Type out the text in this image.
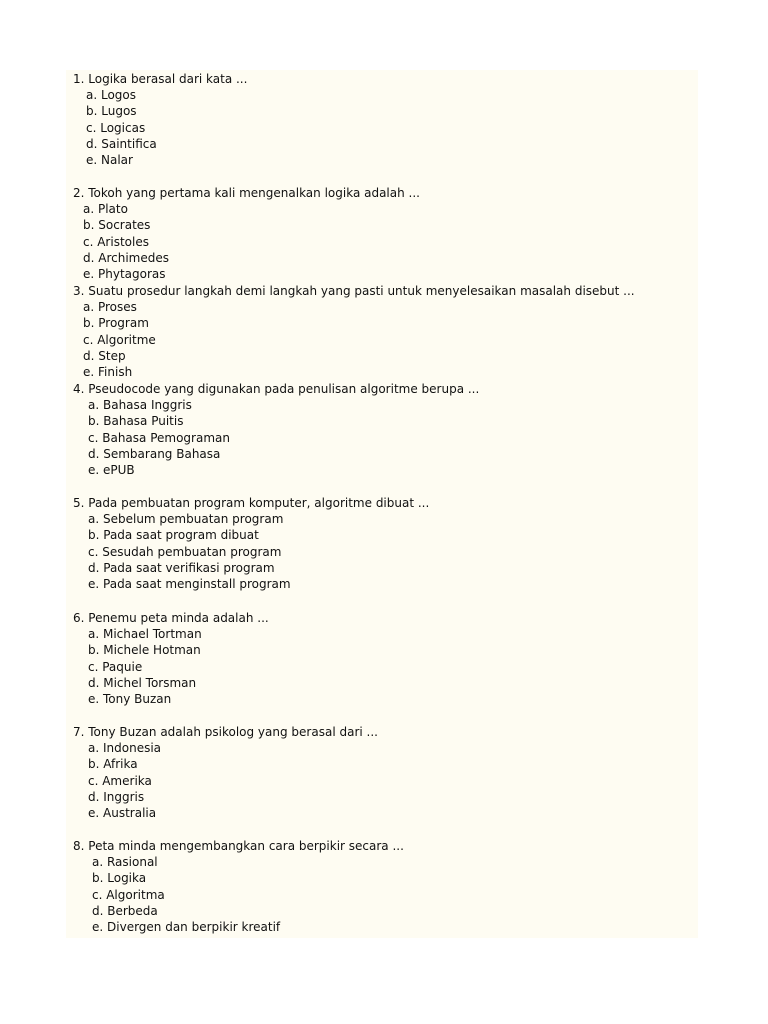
1. Logika berasal dari kata ...
a. Logos
b. Lugos
c. Logicas
d. Saintifica
e. Nalar
2. Tokoh yang pertama kali mengenalkan logika adalah ...
a. Plato
b. Socrates
c. Aristoles
d. Archimedes
e. Phytagoras
3. Suatu prosedur langkah demi langkah yang pasti untuk menyelesaikan masalah disebut ...
a. Proses
b. Program
c. Algoritme
d. Step
e. Finish
4. Pseudocode yang digunakan pada penulisan algoritme berupa ...
a. Bahasa Inggris
b. Bahasa Puitis
c. Bahasa Pemograman
d. Sembarang Bahasa
e. ePUB
5. Pada pembuatan program komputer, algoritme dibuat ...
a. Sebelum pembuatan program
b. Pada saat program dibuat
c. Sesudah pembuatan program
d. Pada saat verifikasi program
e. Pada saat menginstall program
6. Penemu peta minda adalah ...
a. Michael Tortman
b. Michele Hotman
c. Paquie
d. Michel Torsman
e. Tony Buzan
7. Tony Buzan adalah psikolog yang berasal dari ...
a. Indonesia
b. Afrika
c. Amerika
d. Inggris
e. Australia
8. Peta minda mengembangkan cara berpikir secara ...
a. Rasional
b. Logika
c. Algoritma
d. Berbeda
e. Divergen dan berpikir kreatif
